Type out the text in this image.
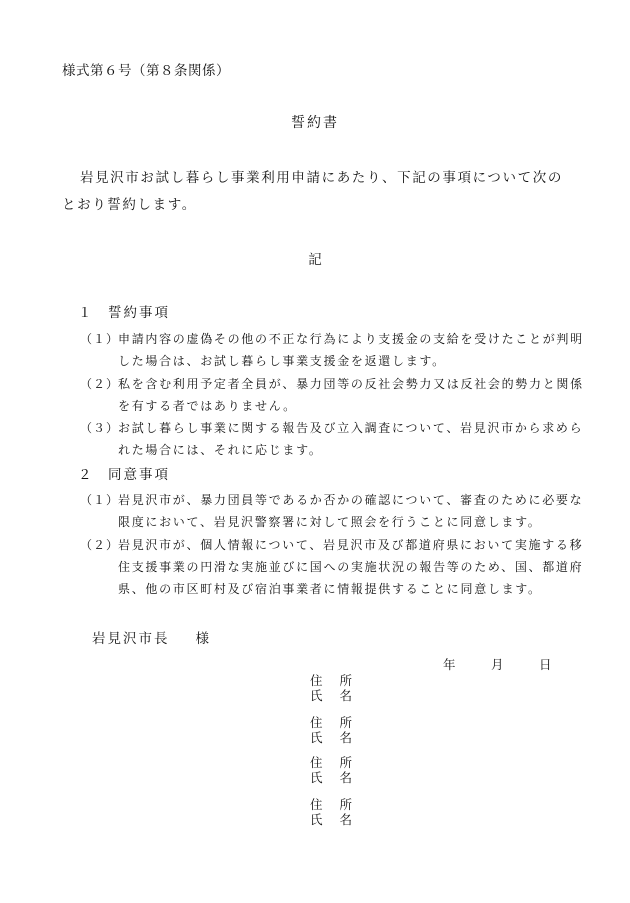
様式第６号（第８条関係）
誓約書
岩見沢市お試し暮らし事業利用申請にあたり、下記の事項について次の
とおり誓約します。
記
１ 誓約事項
（１）申請内容の虚偽その他の不正な行為により支援金の支給を受けたことが判明
した場合は、お試し暮らし事業支援金を返還します。
（２）私を含む利用予定者全員が、暴力団等の反社会勢力又は反社会的勢力と関係
を有する者ではありません。
（３）お試し暮らし事業に関する報告及び立入調査について、岩見沢市から求めら
れた場合には、それに応じます。
２ 同意事項
（１）岩見沢市が、暴力団員等であるか否かの確認について、審査のために必要な
限度において、岩見沢警察署に対して照会を行うことに同意します。
（２）岩見沢市が、個人情報について、岩見沢市及び都道府県において実施する移
住支援事業の円滑な実施並びに国への実施状況の報告等のため、国、都道府
県、他の市区町村及び宿泊事業者に情報提供することに同意します。
岩見沢市長 様
年	月	日
住 所
氏 名
住 所
氏 名
住 所
氏 名
住 所
氏 名
